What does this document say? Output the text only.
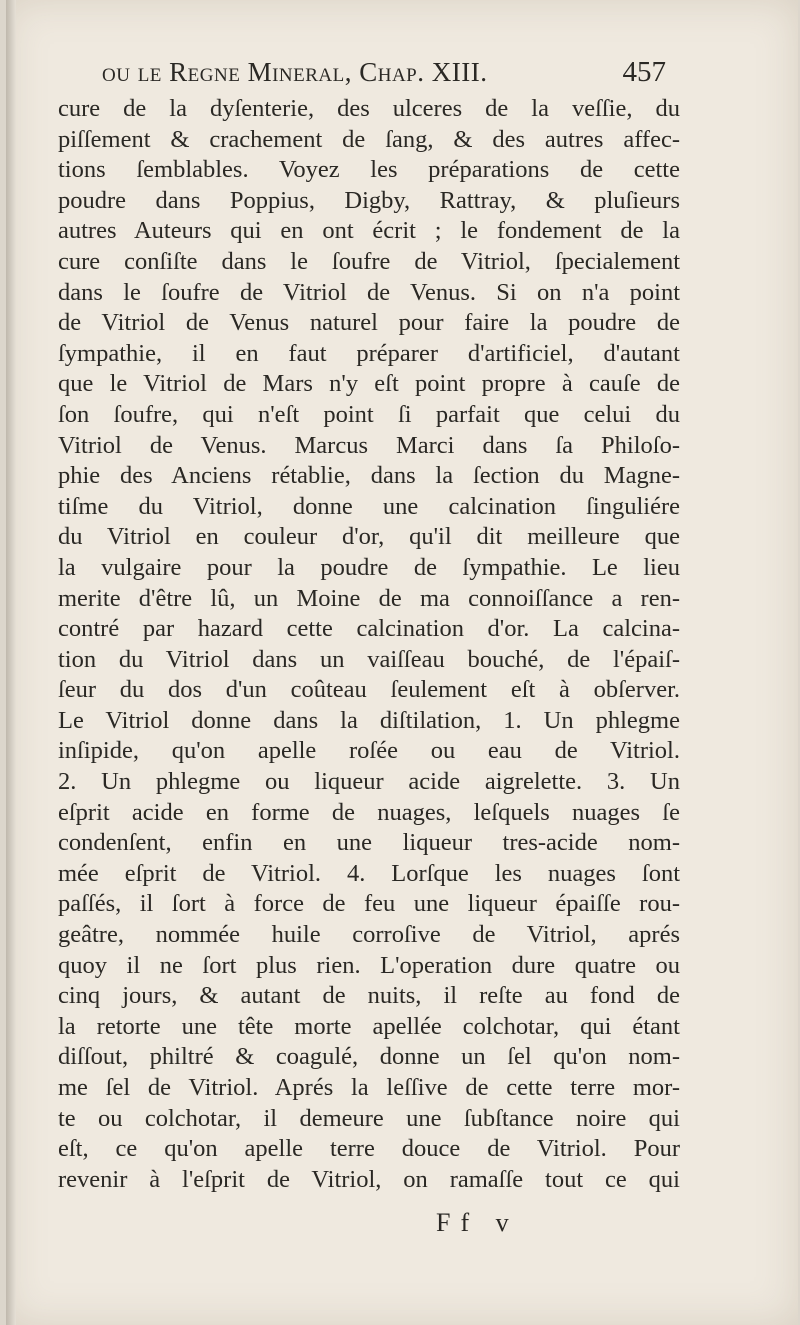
ou le Regne Mineral, Chap. XIII.	457
cure de la dyſenterie, des ulceres de la veſſie, du
piſſement & crachement de ſang, & des autres affec-
tions ſemblables. Voyez les préparations de cette
poudre dans Poppius, Digby, Rattray, & pluſieurs
autres Auteurs qui en ont écrit ; le fondement de la
cure conſiſte dans le ſoufre de Vitriol, ſpecialement
dans le ſoufre de Vitriol de Venus. Si on n'a point
de Vitriol de Venus naturel pour faire la poudre de
ſympathie, il en faut préparer d'artificiel, d'autant
que le Vitriol de Mars n'y eſt point propre à cauſe de
ſon ſoufre, qui n'eſt point ſi parfait que celui du
Vitriol de Venus. Marcus Marci dans ſa Philoſo-
phie des Anciens rétablie, dans la ſection du Magne-
tiſme du Vitriol, donne une calcination ſinguliére
du Vitriol en couleur d'or, qu'il dit meilleure que
la vulgaire pour la poudre de ſympathie. Le lieu
merite d'être lû, un Moine de ma connoiſſance a ren-
contré par hazard cette calcination d'or. La calcina-
tion du Vitriol dans un vaiſſeau bouché, de l'épaiſ-
ſeur du dos d'un coûteau ſeulement eſt à obſerver.
Le Vitriol donne dans la diſtilation, 1. Un phlegme
inſipide, qu'on apelle roſée ou eau de Vitriol.
2. Un phlegme ou liqueur acide aigrelette. 3. Un
eſprit acide en forme de nuages, leſquels nuages ſe
condenſent, enfin en une liqueur tres-acide nom-
mée eſprit de Vitriol. 4. Lorſque les nuages ſont
paſſés, il ſort à force de feu une liqueur épaiſſe rou-
geâtre, nommée huile corroſive de Vitriol, aprés
quoy il ne ſort plus rien. L'operation dure quatre ou
cinq jours, & autant de nuits, il reſte au fond de
la retorte une tête morte apellée colchotar, qui étant
diſſout, philtré & coagulé, donne un ſel qu'on nom-
me ſel de Vitriol. Aprés la leſſive de cette terre mor-
te ou colchotar, il demeure une ſubſtance noire qui
eſt, ce qu'on apelle terre douce de Vitriol. Pour
revenir à l'eſprit de Vitriol, on ramaſſe tout ce qui
Ff v
